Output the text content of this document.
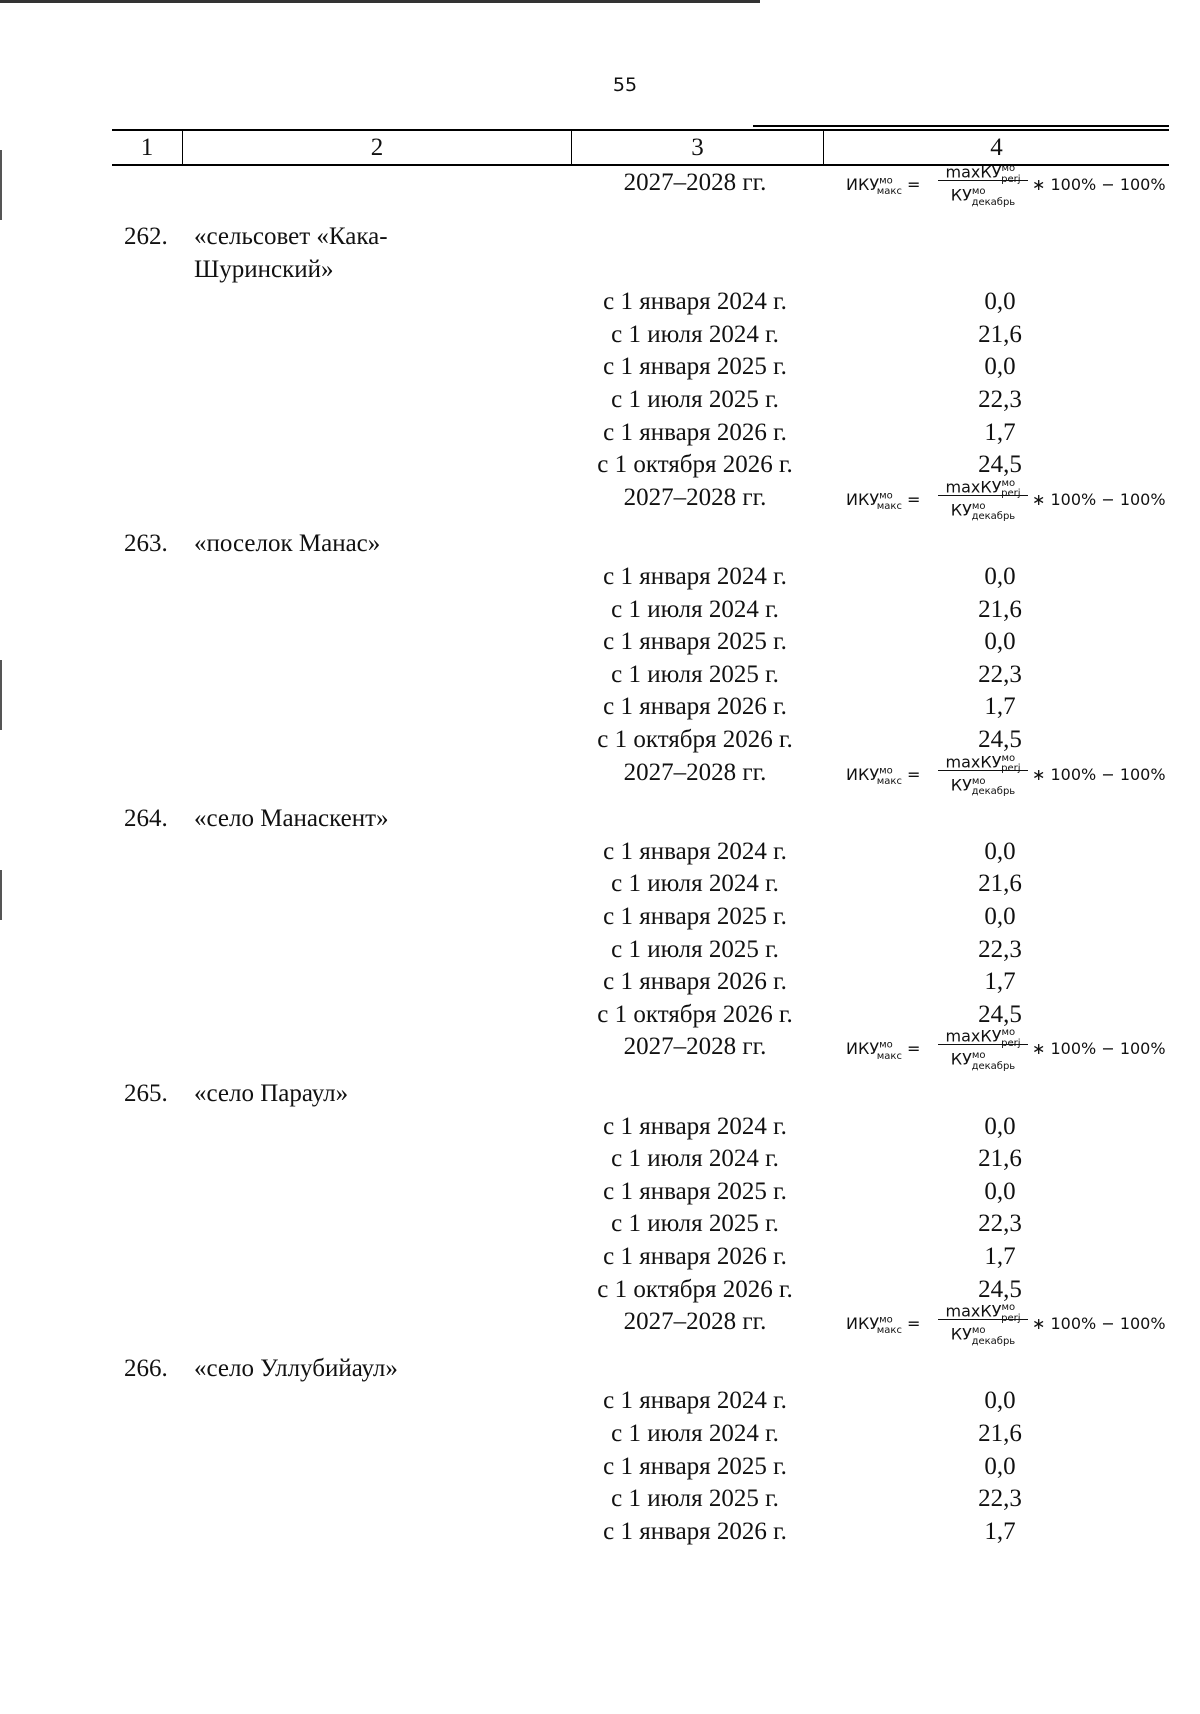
55
1	2	3	4
2027–2028 гг.	$ИКУ^{мо}_{макс}$ =
maxКУ$^{мо}_{perj}$
$КУ^{мо}_{декабрь}$
∗ 100% − 100%
262.	«сельсовет «Кака-
Шуринский»
с 1 января 2024 г.	0,0
с 1 июля 2024 г.	21,6
с 1 января 2025 г.	0,0
с 1 июля 2025 г.	22,3
с 1 января 2026 г.	1,7
с 1 октября 2026 г.	24,5
2027–2028 гг.	$ИКУ^{мо}_{макс}$ =
maxКУ$^{мо}_{perj}$
$КУ^{мо}_{декабрь}$
∗ 100% − 100%
263.	«поселок Манас»
с 1 января 2024 г.	0,0
с 1 июля 2024 г.	21,6
с 1 января 2025 г.	0,0
с 1 июля 2025 г.	22,3
с 1 января 2026 г.	1,7
с 1 октября 2026 г.	24,5
2027–2028 гг.	$ИКУ^{мо}_{макс}$ =
maxКУ$^{мо}_{perj}$
$КУ^{мо}_{декабрь}$
∗ 100% − 100%
264.	«село Манаскент»
с 1 января 2024 г.	0,0
с 1 июля 2024 г.	21,6
с 1 января 2025 г.	0,0
с 1 июля 2025 г.	22,3
с 1 января 2026 г.	1,7
с 1 октября 2026 г.	24,5
2027–2028 гг.	$ИКУ^{мо}_{макс}$ =
maxКУ$^{мо}_{perj}$
$КУ^{мо}_{декабрь}$
∗ 100% − 100%
265.	«село Параул»
с 1 января 2024 г.	0,0
с 1 июля 2024 г.	21,6
с 1 января 2025 г.	0,0
с 1 июля 2025 г.	22,3
с 1 января 2026 г.	1,7
с 1 октября 2026 г.	24,5
2027–2028 гг.	$ИКУ^{мо}_{макс}$ =
maxКУ$^{мо}_{perj}$
$КУ^{мо}_{декабрь}$
∗ 100% − 100%
266.	«село Уллубийаул»
с 1 января 2024 г.	0,0
с 1 июля 2024 г.	21,6
с 1 января 2025 г.	0,0
с 1 июля 2025 г.	22,3
с 1 января 2026 г.	1,7
